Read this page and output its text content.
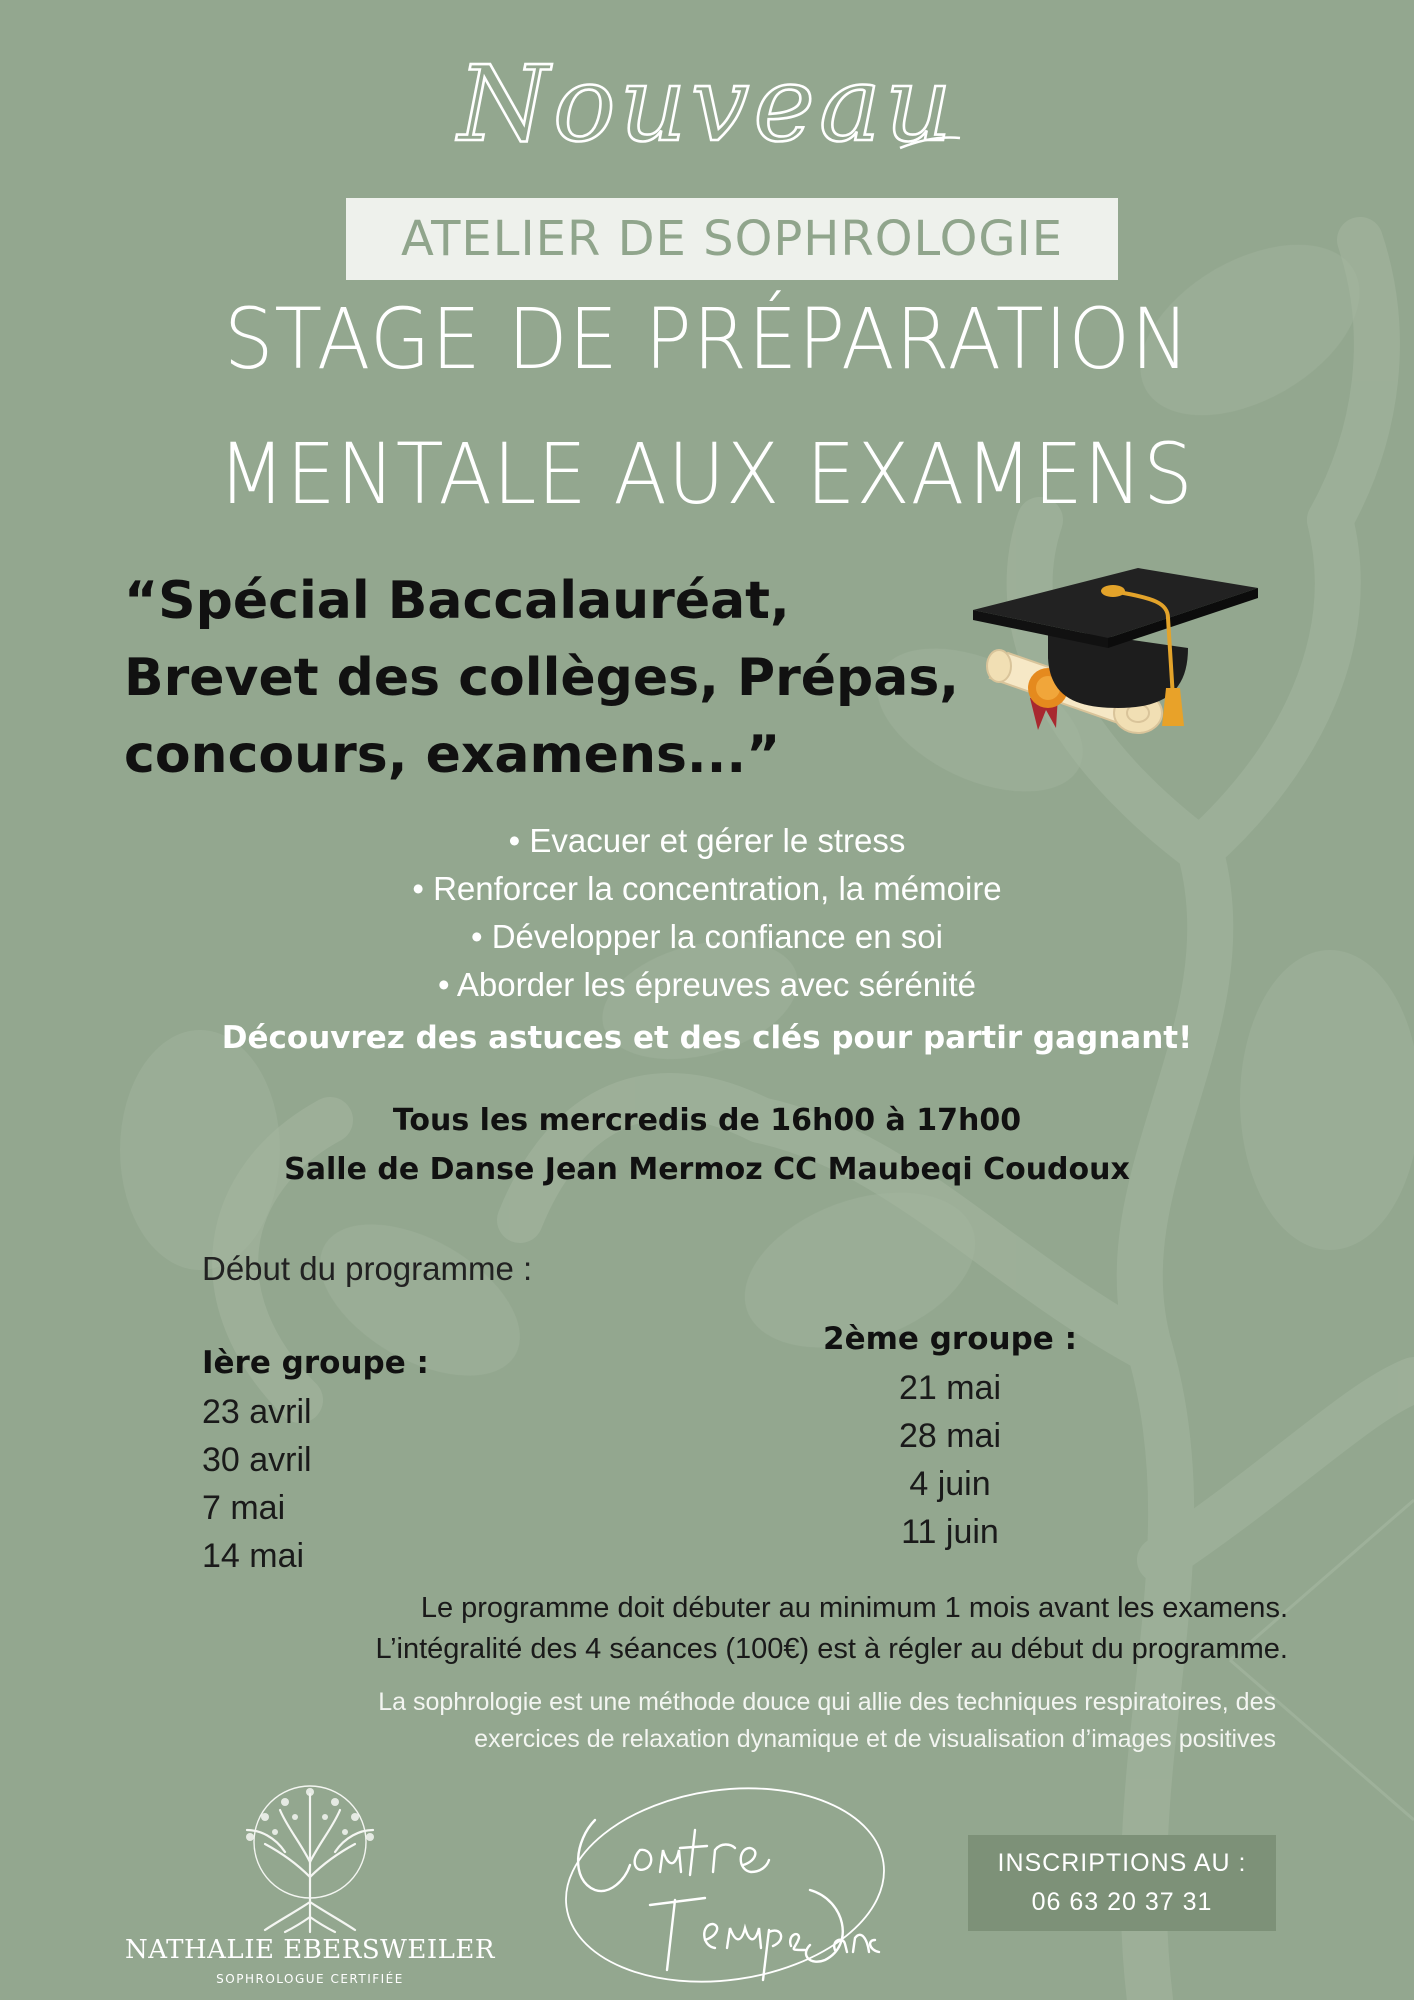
Nouveau
ATELIER DE SOPHROLOGIE
STAGE DE PRÉPARATION
MENTALE AUX EXAMENS
“Spécial Baccalauréat,
Brevet des collèges, Prépas,
concours, examens...”
• Evacuer et gérer le stress
• Renforcer la concentration, la mémoire
• Développer la confiance en soi
• Aborder les épreuves avec sérénité
Découvrez des astuces et des clés pour partir gagnant!
Tous les mercredis de 16h00 à 17h00
Salle de Danse Jean Mermoz CC Maubeqi Coudoux
Début du programme :
Ière groupe :
23 avril
30 avril
7 mai
14 mai
2ème groupe :
21 mai
28 mai
4 juin
11 juin
Le programme doit débuter au minimum 1 mois avant les examens.
L’intégralité des 4 séances (100€) est à régler au début du programme.
La sophrologie est une méthode douce qui allie des techniques respiratoires, des
exercices de relaxation dynamique et de visualisation d’images positives
NATHALIE EBERSWEILER
SOPHROLOGUE CERTIFIÉE
INSCRIPTIONS AU :
06 63 20 37 31
